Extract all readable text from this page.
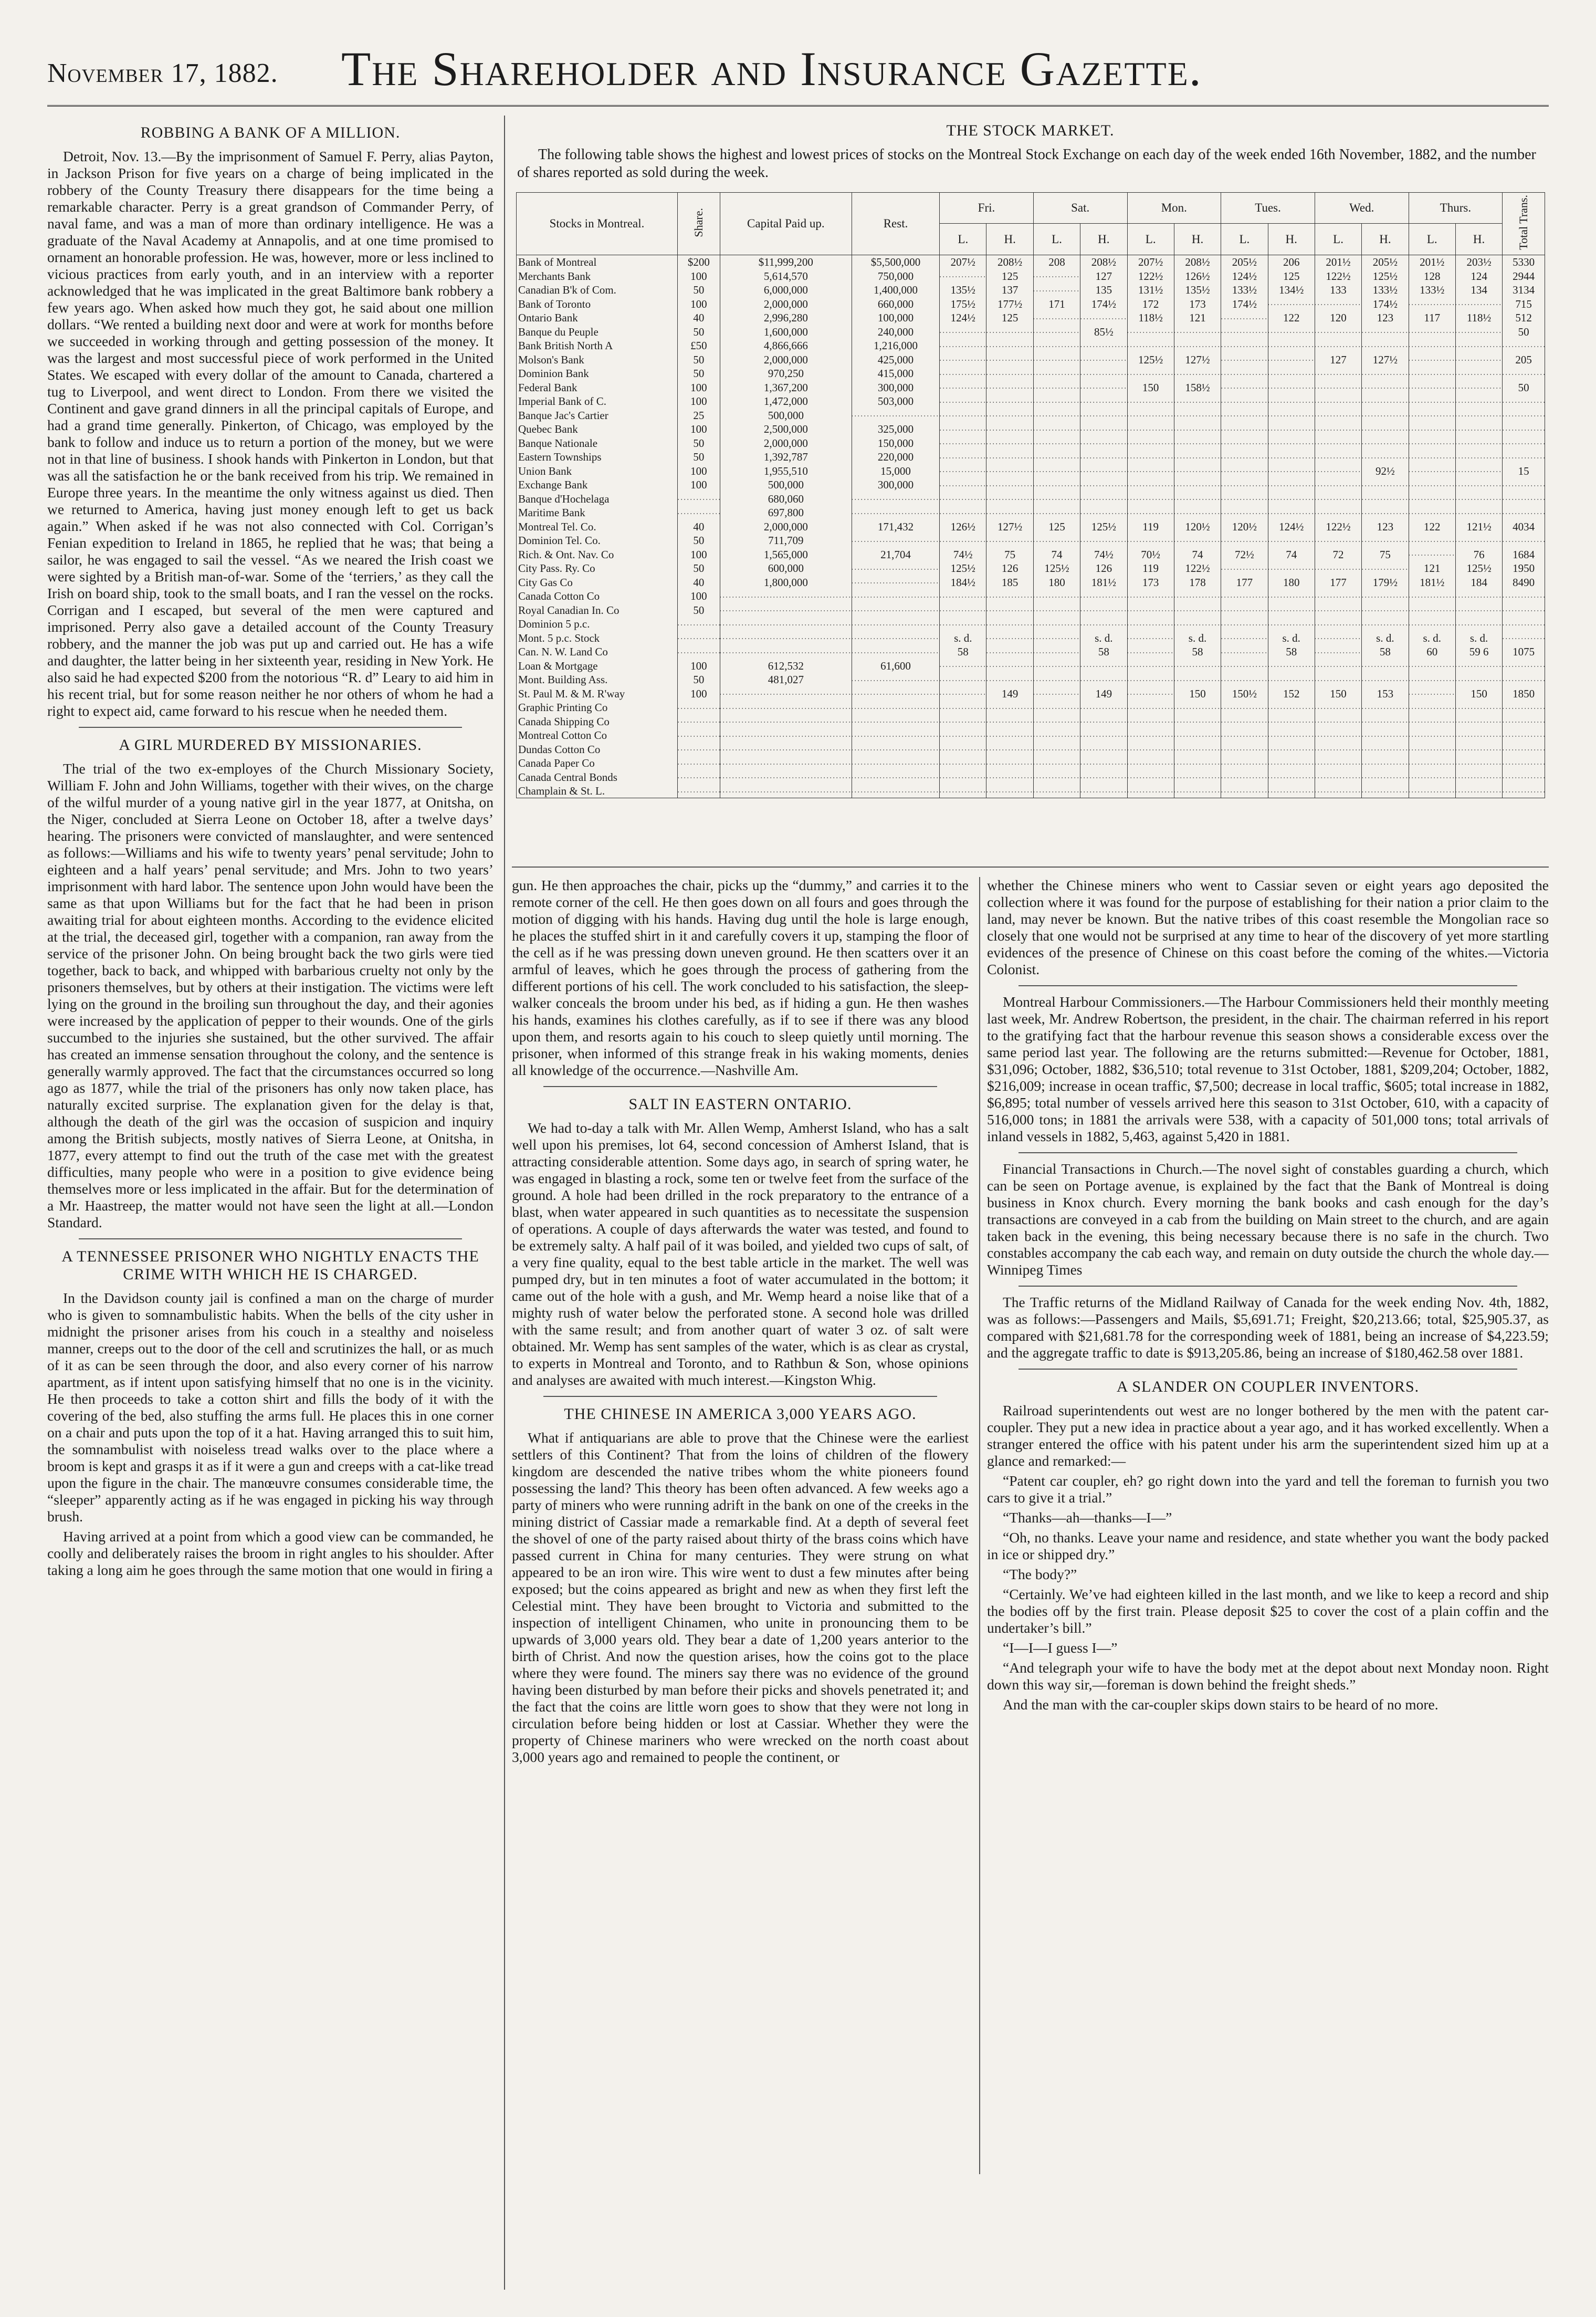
November 17, 1882. The Shareholder and Insurance Gazette.
ROBBING A BANK OF A MILLION.

Detroit, Nov. 13.—By the imprisonment of Samuel F. Perry, alias Payton, in Jackson Prison for five years on a charge of being implicated in the robbery of the County Treasury there disappears for the time being a remarkable character. Perry is a great grandson of Commander Perry, of naval fame, and was a man of more than ordinary intelligence. He was a graduate of the Naval Academy at Annapolis, and at one time promised to ornament an honorable profession. He was, however, more or less inclined to vicious practices from early youth, and in an interview with a reporter acknowledged that he was implicated in the great Baltimore bank robbery a few years ago. When asked how much they got, he said about one million dollars. “We rented a building next door and were at work for months before we succeeded in working through and getting possession of the money. It was the largest and most successful piece of work performed in the United States. We escaped with every dollar of the amount to Canada, chartered a tug to Liverpool, and went direct to London. From there we visited the Continent and gave grand dinners in all the principal capitals of Europe, and had a grand time generally. Pinkerton, of Chicago, was employed by the bank to follow and induce us to return a portion of the money, but we were not in that line of business. I shook hands with Pinkerton in London, but that was all the satisfaction he or the bank received from his trip. We remained in Europe three years. In the meantime the only witness against us died. Then we returned to America, having just money enough left to get us back again.” When asked if he was not also connected with Col. Corrigan’s Fenian expedition to Ireland in 1865, he replied that he was; that being a sailor, he was engaged to sail the vessel. “As we neared the Irish coast we were sighted by a British man-of-war. Some of the ‘terriers,’ as they call the Irish on board ship, took to the small boats, and I ran the vessel on the rocks. Corrigan and I escaped, but several of the men were captured and imprisoned. Perry also gave a detailed account of the County Treasury robbery, and the manner the job was put up and carried out. He has a wife and daughter, the latter being in her sixteenth year, residing in New York. He also said he had expected $200 from the notorious “R. d” Leary to aid him in his recent trial, but for some reason neither he nor others of whom he had a right to expect aid, came forward to his rescue when he needed them.

A GIRL MURDERED BY MISSIONARIES.

The trial of the two ex-employes of the Church Missionary Society, William F. John and John Williams, together with their wives, on the charge of the wilful murder of a young native girl in the year 1877, at Onitsha, on the Niger, concluded at Sierra Leone on October 18, after a twelve days’ hearing. The prisoners were convicted of manslaughter, and were sentenced as follows:—Williams and his wife to twenty years’ penal servitude; John to eighteen and a half years’ penal servitude; and Mrs. John to two years’ imprisonment with hard labor. The sentence upon John would have been the same as that upon Williams but for the fact that he had been in prison awaiting trial for about eighteen months. According to the evidence elicited at the trial, the deceased girl, together with a companion, ran away from the service of the prisoner John. On being brought back the two girls were tied together, back to back, and whipped with barbarious cruelty not only by the prisoners themselves, but by others at their instigation. The victims were left lying on the ground in the broiling sun throughout the day, and their agonies were increased by the application of pepper to their wounds. One of the girls succumbed to the injuries she sustained, but the other survived. The affair has created an immense sensation throughout the colony, and the sentence is generally warmly approved. The fact that the circumstances occurred so long ago as 1877, while the trial of the prisoners has only now taken place, has naturally excited surprise. The explanation given for the delay is that, although the death of the girl was the occasion of suspicion and inquiry among the British subjects, mostly natives of Sierra Leone, at Onitsha, in 1877, every attempt to find out the truth of the case met with the greatest difficulties, many people who were in a position to give evidence being themselves more or less implicated in the affair. But for the determination of a Mr. Haastreep, the matter would not have seen the light at all.—London Standard.

A TENNESSEE PRISONER WHO NIGHTLY ENACTS THE CRIME WITH WHICH HE IS CHARGED.

In the Davidson county jail is confined a man on the charge of murder who is given to somnambulistic habits. When the bells of the city usher in midnight the prisoner arises from his couch in a stealthy and noiseless manner, creeps out to the door of the cell and scrutinizes the hall, or as much of it as can be seen through the door, and also every corner of his narrow apartment, as if intent upon satisfying himself that no one is in the vicinity. He then proceeds to take a cotton shirt and fills the body of it with the covering of the bed, also stuffing the arms full. He places this in one corner on a chair and puts upon the top of it a hat. Having arranged this to suit him, the somnambulist with noiseless tread walks over to the place where a broom is kept and grasps it as if it were a gun and creeps with a cat-like tread upon the figure in the chair. The manœuvre consumes considerable time, the “sleeper” apparently acting as if he was engaged in picking his way through brush.

Having arrived at a point from which a good view can be commanded, he coolly and deliberately raises the broom in right angles to his shoulder. After taking a long aim he goes through the same motion that one would in firing a

THE STOCK MARKET.

The following table shows the highest and lowest prices of stocks on the Montreal Stock Exchange on each day of the week ended 16th November, 1882, and the number of shares reported as sold during the week.

Stocks in Montreal.	Share.	Capital Paid up.	Rest.	Fri.		Sat.		Mon.		Tues.		Wed.		Thurs.		Total Trans.
				L.	H.	L.	H.	L.	H.	L.	H.	L.	H.	L.	H.	
Bank of Montreal	$200	$11,999,200	$5,500,000	207½	208½	208	208½	207½	208½	205½	206	201½	205½	201½	203½	5330
Merchants Bank	100	5,614,570	750,000		125		127	122½	126½	124½	125	122½	125½	128	124	2944
Canadian B'k of Com.	50	6,000,000	1,400,000	135½	137		135	131½	135½	133½	134½	133	133½	133½	134	3134
Bank of Toronto	100	2,000,000	660,000	175½	177½	171	174½	172	173	174½			174½			715
Ontario Bank	40	2,996,280	100,000	124½	125			118½	121		122	120	123	117	118½	512
Banque du Peuple	50	1,600,000	240,000				85½									50
Bank British North A	£50	4,866,666	1,216,000													
Molson's Bank	50	2,000,000	425,000					125½	127½			127	127½			205
Dominion Bank	50	970,250	415,000													
Federal Bank	100	1,367,200	300,000					150	158½							50
Imperial Bank of C.	100	1,472,000	503,000													
Banque Jac's Cartier	25	500,000														
Quebec Bank	100	2,500,000	325,000													
Banque Nationale	50	2,000,000	150,000													
Eastern Townships	50	1,392,787	220,000													
Union Bank	100	1,955,510	15,000										92½			15
Exchange Bank	100	500,000	300,000													
Banque d'Hochelaga		680,060														
Maritime Bank		697,800														
Montreal Tel. Co.	40	2,000,000	171,432	126½	127½	125	125½	119	120½	120½	124½	122½	123	122	121½	4034
Dominion Tel. Co.	50	711,709														
Rich. & Ont. Nav. Co	100	1,565,000	21,704	74½	75	74	74½	70½	74	72½	74	72	75		76	1684
City Pass. Ry. Co	50	600,000		125½	126	125½	126	119	122½					121	125½	1950
City Gas Co	40	1,800,000		184½	185	180	181½	173	178	177	180	177	179½	181½	184	8490
Canada Cotton Co	100															
Royal Canadian In. Co	50															
Dominion 5 p.c.																
Mont. 5 p.c. Stock				s. d.			s. d.		s. d.		s. d.		s. d.	s. d.	s. d.	
Can. N. W. Land Co				58			58		58		58		58	60	59 6	1075
Loan & Mortgage	100	612,532	61,600													
Mont. Building Ass.	50	481,027														
St. Paul M. & M. R'way	100				149		149		150	150½	152	150	153		150	1850
Graphic Printing Co																
Canada Shipping Co																
Montreal Cotton Co																
Dundas Cotton Co																
Canada Paper Co																
Canada Central Bonds																
Champlain & St. L.																

gun. He then approaches the chair, picks up the “dummy,” and carries it to the remote corner of the cell. He then goes down on all fours and goes through the motion of digging with his hands. Having dug until the hole is large enough, he places the stuffed shirt in it and carefully covers it up, stamping the floor of the cell as if he was pressing down uneven ground. He then scatters over it an armful of leaves, which he goes through the process of gathering from the different portions of his cell. The work concluded to his satisfaction, the sleep-walker conceals the broom under his bed, as if hiding a gun. He then washes his hands, examines his clothes carefully, as if to see if there was any blood upon them, and resorts again to his couch to sleep quietly until morning. The prisoner, when informed of this strange freak in his waking moments, denies all knowledge of the occurrence.—Nashville Am.

SALT IN EASTERN ONTARIO.

We had to-day a talk with Mr. Allen Wemp, Amherst Island, who has a salt well upon his premises, lot 64, second concession of Amherst Island, that is attracting considerable attention. Some days ago, in search of spring water, he was engaged in blasting a rock, some ten or twelve feet from the surface of the ground. A hole had been drilled in the rock preparatory to the entrance of a blast, when water appeared in such quantities as to necessitate the suspension of operations. A couple of days afterwards the water was tested, and found to be extremely salty. A half pail of it was boiled, and yielded two cups of salt, of a very fine quality, equal to the best table article in the market. The well was pumped dry, but in ten minutes a foot of water accumulated in the bottom; it came out of the hole with a gush, and Mr. Wemp heard a noise like that of a mighty rush of water below the perforated stone. A second hole was drilled with the same result; and from another quart of water 3 oz. of salt were obtained. Mr. Wemp has sent samples of the water, which is as clear as crystal, to experts in Montreal and Toronto, and to Rathbun & Son, whose opinions and analyses are awaited with much interest.—Kingston Whig.

THE CHINESE IN AMERICA 3,000 YEARS AGO.

What if antiquarians are able to prove that the Chinese were the earliest settlers of this Continent? That from the loins of children of the flowery kingdom are descended the native tribes whom the white pioneers found possessing the land? This theory has been often advanced. A few weeks ago a party of miners who were running adrift in the bank on one of the creeks in the mining district of Cassiar made a remarkable find. At a depth of several feet the shovel of one of the party raised about thirty of the brass coins which have passed current in China for many centuries. They were strung on what appeared to be an iron wire. This wire went to dust a few minutes after being exposed; but the coins appeared as bright and new as when they first left the Celestial mint. They have been brought to Victoria and submitted to the inspection of intelligent Chinamen, who unite in pronouncing them to be upwards of 3,000 years old. They bear a date of 1,200 years anterior to the birth of Christ. And now the question arises, how the coins got to the place where they were found. The miners say there was no evidence of the ground having been disturbed by man before their picks and shovels penetrated it; and the fact that the coins are little worn goes to show that they were not long in circulation before being hidden or lost at Cassiar. Whether they were the property of Chinese mariners who were wrecked on the north coast about 3,000 years ago and remained to people the continent, or

whether the Chinese miners who went to Cassiar seven or eight years ago deposited the collection where it was found for the purpose of establishing for their nation a prior claim to the land, may never be known. But the native tribes of this coast resemble the Mongolian race so closely that one would not be surprised at any time to hear of the discovery of yet more startling evidences of the presence of Chinese on this coast before the coming of the whites.—Victoria Colonist.

Montreal Harbour Commissioners.—The Harbour Commissioners held their monthly meeting last week, Mr. Andrew Robertson, the president, in the chair. The chairman referred in his report to the gratifying fact that the harbour revenue this season shows a considerable excess over the same period last year. The following are the returns submitted:—Revenue for October, 1881, $31,096; October, 1882, $36,510; total revenue to 31st October, 1881, $209,204; October, 1882, $216,009; increase in ocean traffic, $7,500; decrease in local traffic, $605; total increase in 1882, $6,895; total number of vessels arrived here this season to 31st October, 610, with a capacity of 516,000 tons; in 1881 the arrivals were 538, with a capacity of 501,000 tons; total arrivals of inland vessels in 1882, 5,463, against 5,420 in 1881.

Financial Transactions in Church.—The novel sight of constables guarding a church, which can be seen on Portage avenue, is explained by the fact that the Bank of Montreal is doing business in Knox church. Every morning the bank books and cash enough for the day’s transactions are conveyed in a cab from the building on Main street to the church, and are again taken back in the evening, this being necessary because there is no safe in the church. Two constables accompany the cab each way, and remain on duty outside the church the whole day.—Winnipeg Times

The Traffic returns of the Midland Railway of Canada for the week ending Nov. 4th, 1882, was as follows:—Passengers and Mails, $5,691.71; Freight, $20,213.66; total, $25,905.37, as compared with $21,681.78 for the corresponding week of 1881, being an increase of $4,223.59; and the aggregate traffic to date is $913,205.86, being an increase of $180,462.58 over 1881.

A SLANDER ON COUPLER INVENTORS.

Railroad superintendents out west are no longer bothered by the men with the patent car-coupler. They put a new idea in practice about a year ago, and it has worked excellently. When a stranger entered the office with his patent under his arm the superintendent sized him up at a glance and remarked:—

“Patent car coupler, eh? go right down into the yard and tell the foreman to furnish you two cars to give it a trial.”

“Thanks—ah—thanks—I—”

“Oh, no thanks. Leave your name and residence, and state whether you want the body packed in ice or shipped dry.”

“The body?”

“Certainly. We’ve had eighteen killed in the last month, and we like to keep a record and ship the bodies off by the first train. Please deposit $25 to cover the cost of a plain coffin and the undertaker’s bill.”

“I—I—I guess I—”

“And telegraph your wife to have the body met at the depot about next Monday noon. Right down this way sir,—foreman is down behind the freight sheds.”

And the man with the car-coupler skips down stairs to be heard of no more.
